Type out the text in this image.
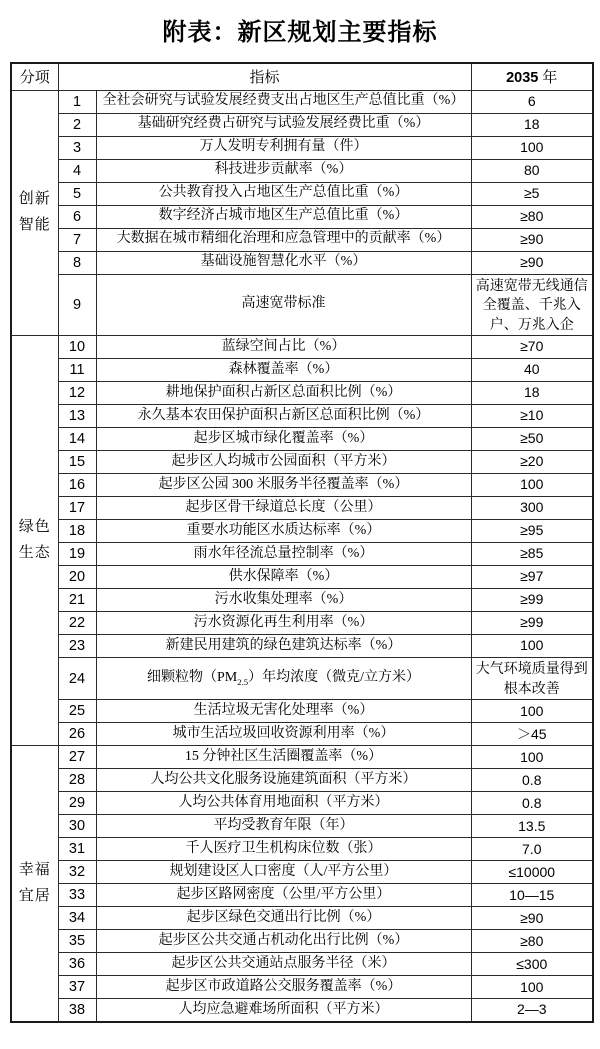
附表：新区规划主要指标
分项	指标		2035 年
创新智能	1	全社会研究与试验发展经费支出占地区生产总值比重（%）	6
	2	基础研究经费占研究与试验发展经费比重（%）	18
	3	万人发明专利拥有量（件）	100
	4	科技进步贡献率（%）	80
	5	公共教育投入占地区生产总值比重（%）	≥5
	6	数字经济占城市地区生产总值比重（%）	≥80
	7	大数据在城市精细化治理和应急管理中的贡献率（%）	≥90
	8	基础设施智慧化水平（%）	≥90
	9	高速宽带标准	高速宽带无线通信全覆盖、千兆入户、万兆入企
绿色生态	10	蓝绿空间占比（%）	≥70
	11	森林覆盖率（%）	40
	12	耕地保护面积占新区总面积比例（%）	18
	13	永久基本农田保护面积占新区总面积比例（%）	≥10
	14	起步区城市绿化覆盖率（%）	≥50
	15	起步区人均城市公园面积（平方米）	≥20
	16	起步区公园 300 米服务半径覆盖率（%）	100
	17	起步区骨干绿道总长度（公里）	300
	18	重要水功能区水质达标率（%）	≥95
	19	雨水年径流总量控制率（%）	≥85
	20	供水保障率（%）	≥97
	21	污水收集处理率（%）	≥99
	22	污水资源化再生利用率（%）	≥99
	23	新建民用建筑的绿色建筑达标率（%）	100
	24	细颗粒物$(PM_{2.5})$年均浓度（微克/立方米）	大气环境质量得到根本改善
	25	生活垃圾无害化处理率（%）	100
	26	城市生活垃圾回收资源利用率（%）	＞45
幸福宜居	27	15 分钟社区生活圈覆盖率（%）	100
	28	人均公共文化服务设施建筑面积（平方米）	0.8
	29	人均公共体育用地面积（平方米）	0.8
	30	平均受教育年限（年）	13.5
	31	千人医疗卫生机构床位数（张）	7.0
	32	规划建设区人口密度（人/平方公里）	≤10000
	33	起步区路网密度（公里/平方公里）	10—15
	34	起步区绿色交通出行比例（%）	≥90
	35	起步区公共交通占机动化出行比例（%）	≥80
	36	起步区公共交通站点服务半径（米）	≤300
	37	起步区市政道路公交服务覆盖率（%）	100
	38	人均应急避难场所面积（平方米）	2—3
